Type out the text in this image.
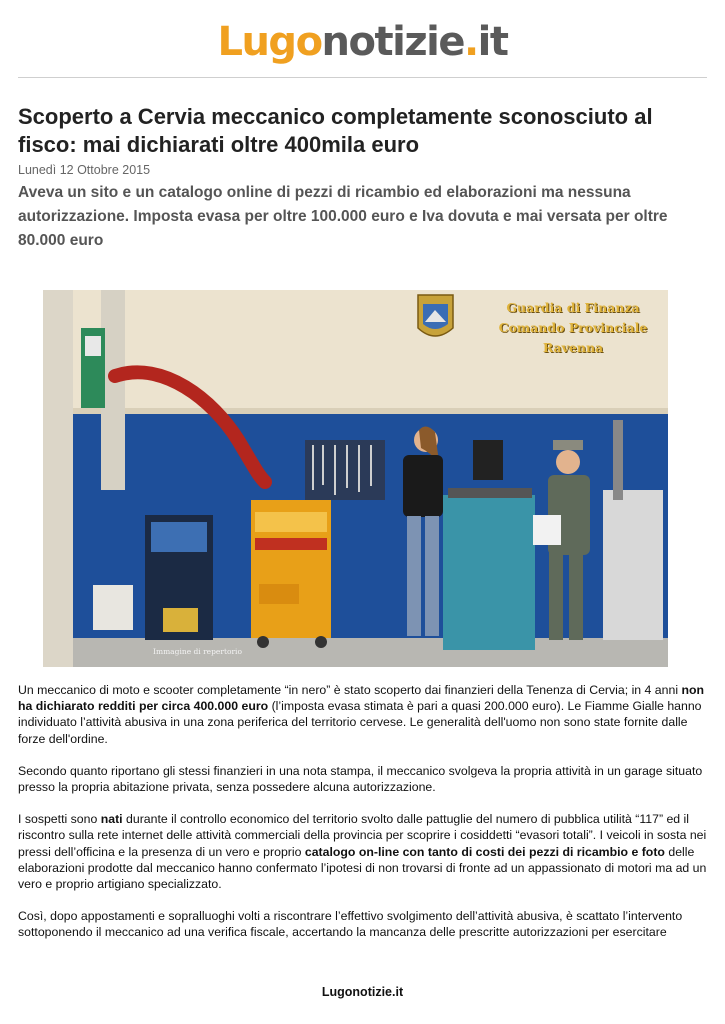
Lugonotizie.it
Scoperto a Cervia meccanico completamente sconosciuto al fisco: mai dichiarati oltre 400mila euro
Lunedì 12 Ottobre 2015
Aveva un sito e un catalogo online di pezzi di ricambio ed elaborazioni ma nessuna autorizzazione. Imposta evasa per oltre 100.000 euro e Iva dovuta e mai versata per oltre 80.000 euro
Guardia di Finanza
Comando Provinciale Ravenna
Immagine di repertorio

Un meccanico di moto e scooter completamente “in nero” è stato scoperto dai finanzieri della Tenenza di Cervia; in 4 anni non ha dichiarato redditi per circa 400.000 euro (l’imposta evasa stimata è pari a quasi 200.000 euro). Le Fiamme Gialle hanno individuato l’attività abusiva in una zona periferica del territorio cervese. Le generalità dell'uomo non sono state fornite dalle forze dell'ordine.

Secondo quanto riportano gli stessi finanzieri in una nota stampa, il meccanico svolgeva la propria attività in un garage situato presso la propria abitazione privata, senza possedere alcuna autorizzazione.

I sospetti sono nati durante il controllo economico del territorio svolto dalle pattuglie del numero di pubblica utilità “117” ed il riscontro sulla rete internet delle attività commerciali della provincia per scoprire i cosiddetti “evasori totali”. I veicoli in sosta nei pressi dell’officina e la presenza di un vero e proprio catalogo on-line con tanto di costi dei pezzi di ricambio e foto delle elaborazioni prodotte dal meccanico hanno confermato l’ipotesi di non trovarsi di fronte ad un appassionato di motori ma ad un vero e proprio artigiano specializzato.

Così, dopo appostamenti e sopralluoghi volti a riscontrare l’effettivo svolgimento dell’attività abusiva, è scattato l’intervento sottoponendo il meccanico ad una verifica fiscale, accertando la mancanza delle prescritte autorizzazioni per esercitare

Lugonotizie.it
